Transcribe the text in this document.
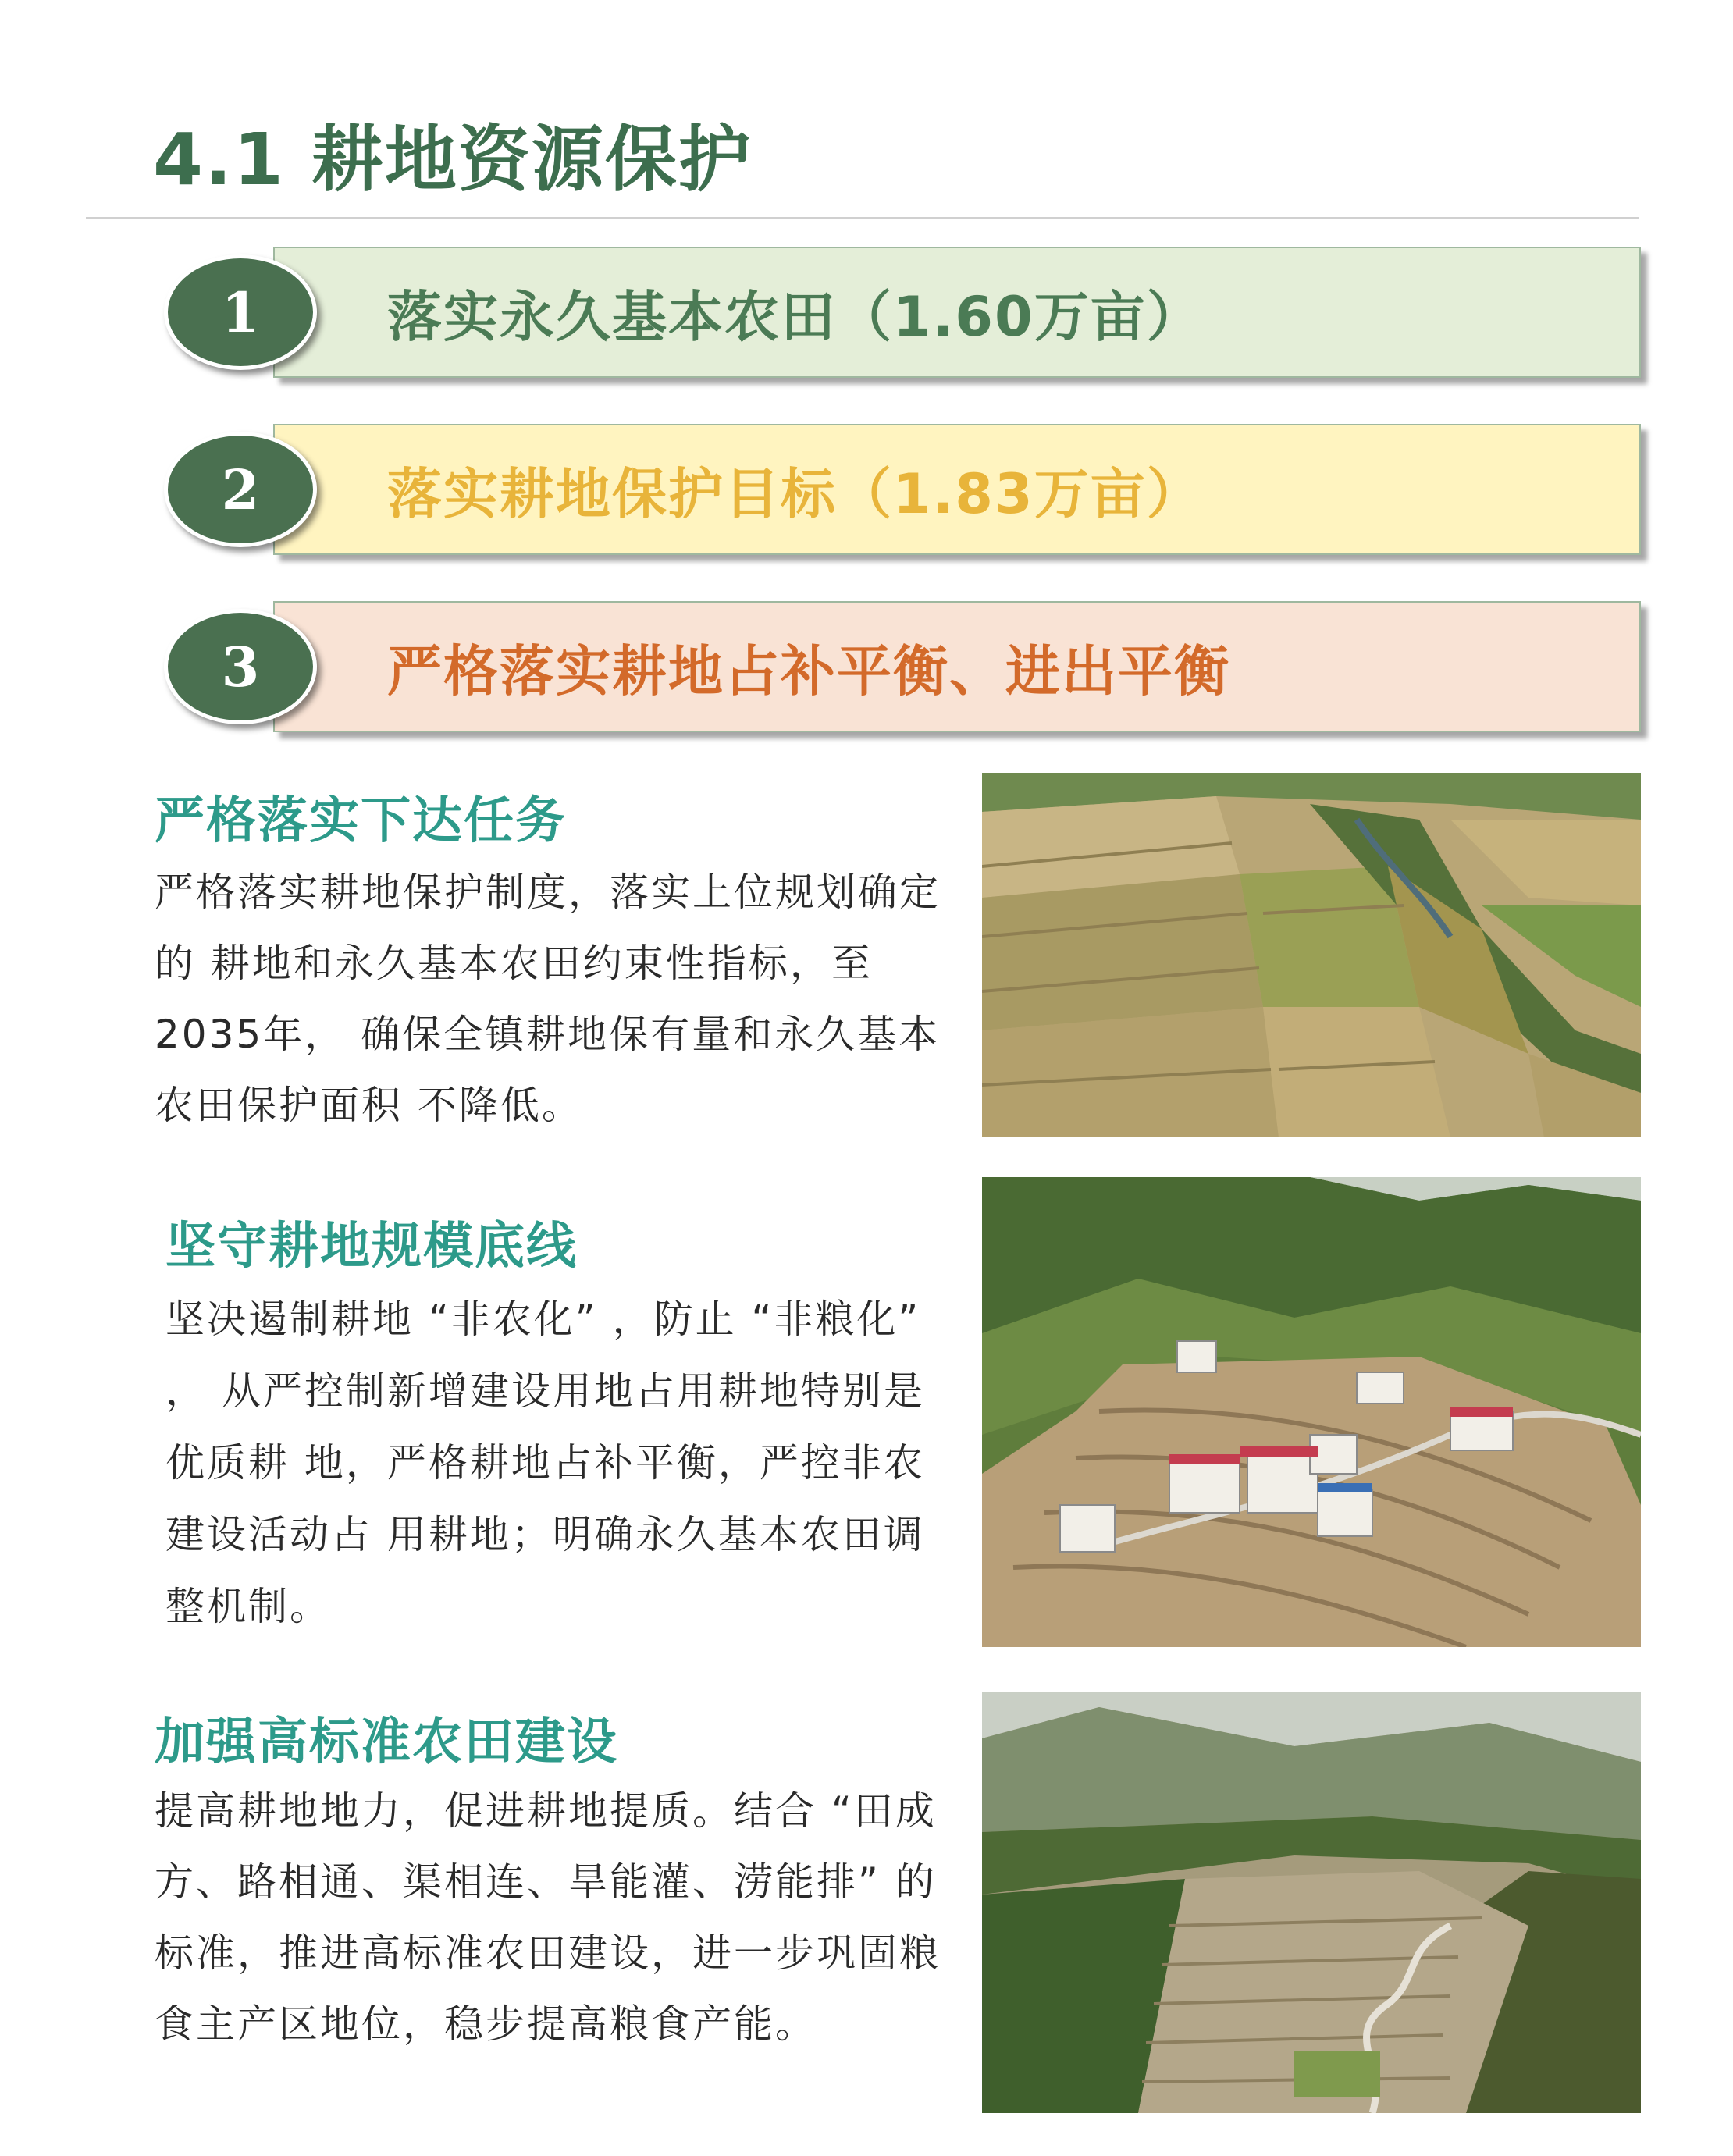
4.1 耕地资源保护
落实永久基本农田（1.60万亩）
1
落实耕地保护目标（1.83万亩）
2
严格落实耕地占补平衡、进出平衡
3
严格落实下达任务

严格落实耕地保护制度，落实上位规划确定的 耕地和永久基本农田约束性指标，至2035年， 确保全镇耕地保有量和永久基本农田保护面积 不降低。

坚守耕地规模底线

坚决遏制耕地 “非农化” ，防止 “非粮化” ， 从严控制新增建设用地占用耕地特别是优质耕 地，严格耕地占补平衡，严控非农建设活动占 用耕地；明确永久基本农田调整机制。

加强高标准农田建设

提高耕地地力，促进耕地提质。结合 “田成方、路相通、渠相连、旱能灌、涝能排” 的标准，推进高标准农田建设，进一步巩固粮食主产区地位，稳步提高粮食产能。
